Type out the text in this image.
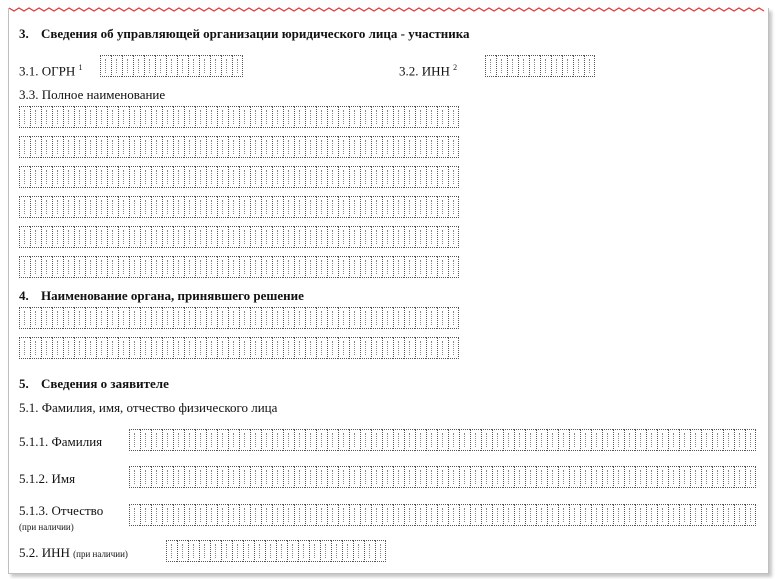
3. Сведения об управляющей организации юридического лица - участника
3.1. ОГРН $^1$	3.2. ИНН $^2$
3.3. Полное наименование
4. Наименование органа, принявшего решение
5. Сведения о заявителе
5.1. Фамилия, имя, отчество физического лица
5.1.1. Фамилия
5.1.2. Имя
5.1.3. Отчество
(при наличии)
5.2. ИНН (при наличии)
